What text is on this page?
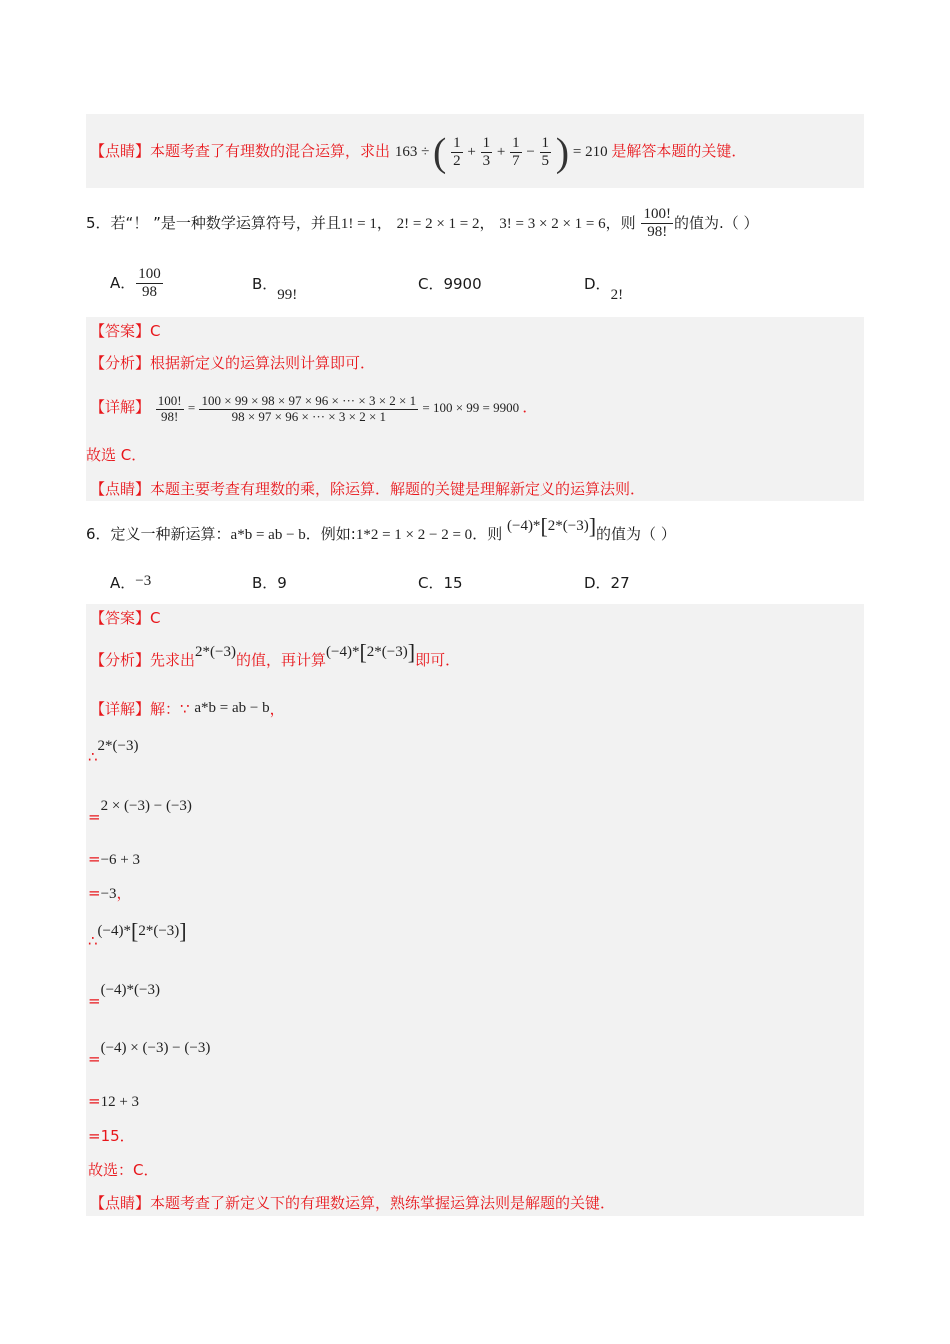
【点睛】本题考查了有理数的混合运算，求出 163 ÷ ( $\frac{1}{2} + \frac{1}{3} + \frac{1}{7} - \frac{1}{5}$ ) = 210 是解答本题的关键．
5．若“！ ”是一种数学运算符号，并且1! = 1， 2! = 2 × 1 = 2， 3! = 3 × 2 × 1 = 6，则 $\frac{100!}{98!}$ 的值为.（ ）
A． $\frac{100}{98}$	B．99!
C．9900	D．2!
【答案】C
【分析】根据新定义的运算法则计算即可．
【详解】 $\frac{100!}{98!} = \frac{100 \times 99 \times 98 \times 97 \times 96 \times \cdot\cdot\cdot \times 3 \times 2 \times 1}{98 \times 97 \times 96 \times \cdot\cdot\cdot \times 3 \times 2 \times 1} = 100 \times 99 = 9900$ ．
故选 C．
【点睛】本题主要考查有理数的乘，除运算．解题的关键是理解新定义的运算法则．
6．定义一种新运算：a*b = ab − b．例如:1*2 = 1 × 2 − 2 = 0．则 (−4)*[2*(−3)]的值为（ ）
A．−3	B．9	C．15	D．27
【答案】C
【分析】先求出2*(−3)的值，再计算(−4)*[2*(−3)]即可．
【详解】解：∵ a*b = ab − b，
∴2*(−3)
=2 × (−3) − (−3)
=−6 + 3
=−3，
∴(−4)*[2*(−3)]
=(−4)*(−3)
=(−4) × (−3) − (−3)
=12 + 3
=15．
故选：C．
【点睛】本题考查了新定义下的有理数运算，熟练掌握运算法则是解题的关键．
